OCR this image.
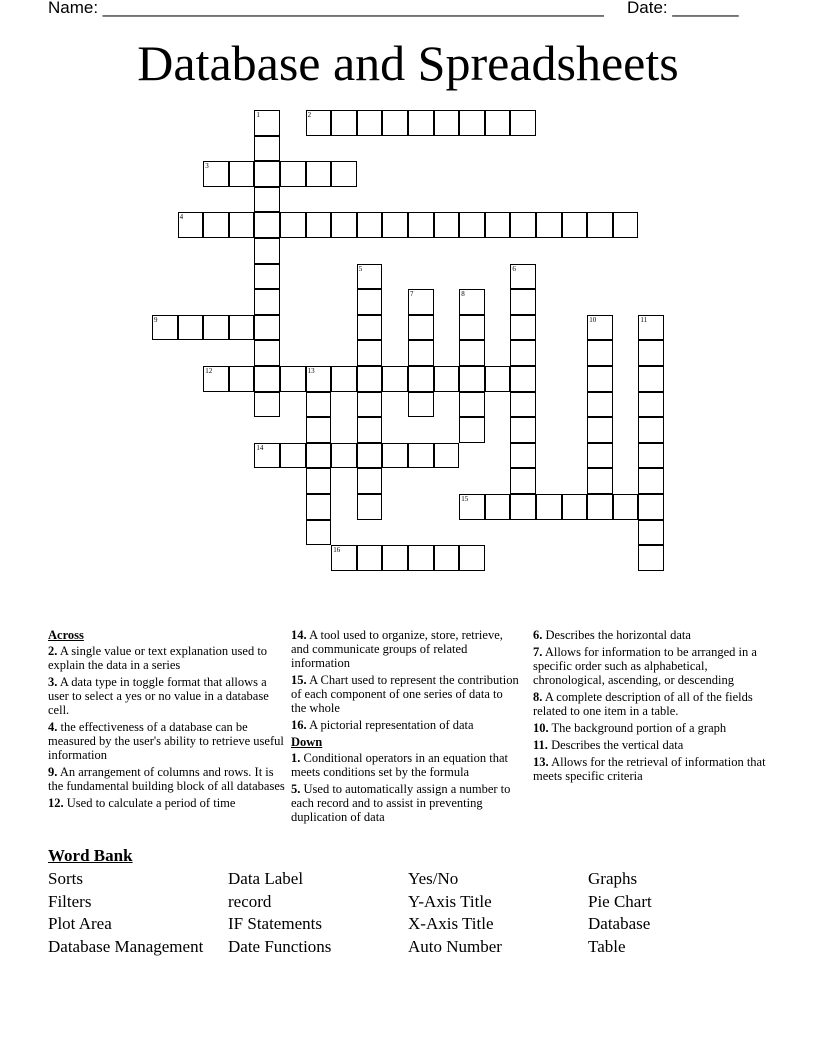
Name: _____________________________________________________ Date: _______
Database and Spreadsheets
1	2
3
4
5	6
7	8
9	10	11
12	13
14
15
16
Across
2. A single value or text explanation used to explain the data in a series
3. A data type in toggle format that allows a user to select a yes or no value in a database cell.
4. the effectiveness of a database can be measured by the user's ability to retrieve useful information
9. An arrangement of columns and rows. It is the fundamental building block of all databases
12. Used to calculate a period of time
14. A tool used to organize, store, retrieve, and communicate groups of related information
15. A Chart used to represent the contribution of each component of one series of data to the whole
16. A pictorial representation of data
Down
1. Conditional operators in an equation that meets conditions set by the formula
5. Used to automatically assign a number to each record and to assist in preventing duplication of data
6. Describes the horizontal data
7. Allows for information to be arranged in a specific order such as alphabetical, chronological, ascending, or descending
8. A complete description of all of the fields related to one item in a table.
10. The background portion of a graph
11. Describes the vertical data
13. Allows for the retrieval of information that meets specific criteria
Word Bank
Sorts	Data Label	Yes/No	Graphs
Filters	record	Y-Axis Title	Pie Chart
Plot Area	IF Statements	X-Axis Title	Database
Database Management	Date Functions	Auto Number	Table
